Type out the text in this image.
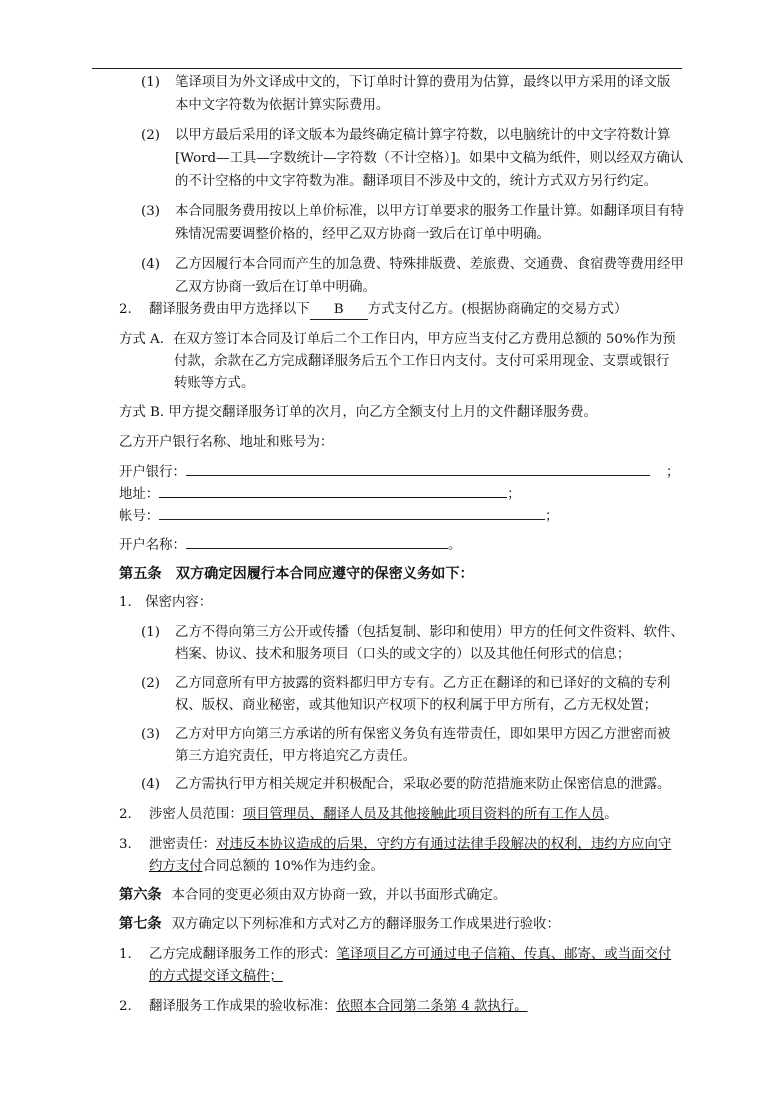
(1) 笔译项目为外文译成中文的，下订单时计算的费用为估算，最终以甲方采用的译文版
本中文字符数为依据计算实际费用。
(2) 以甲方最后采用的译文版本为最终确定稿计算字符数，以电脑统计的中文字符数计算
[Word—工具—字数统计—字符数（不计空格）]。如果中文稿为纸件，则以经双方确认
的不计空格的中文字符数为准。翻译项目不涉及中文的，统计方式双方另行约定。
(3) 本合同服务费用按以上单价标准，以甲方订单要求的服务工作量计算。如翻译项目有特
殊情况需要调整价格的，经甲乙双方协商一致后在订单中明确。
(4) 乙方因履行本合同而产生的加急费、特殊排版费、差旅费、交通费、食宿费等费用经甲
乙双方协商一致后在订单中明确。
2. 翻译服务费由甲方选择以下 B 方式支付乙方。(根据协商确定的交易方式）
方式 A．在双方签订本合同及订单后二个工作日内，甲方应当支付乙方费用总额的 50%作为预
付款，余款在乙方完成翻译服务后五个工作日内支付。支付可采用现金、支票或银行
转账等方式。
方式 B. 甲方提交翻译服务订单的次月，向乙方全额支付上月的文件翻译服务费。
乙方开户银行名称、地址和账号为：
开户银行：	；
地址：	；
帐号：	；
开户名称：	。
第五条　双方确定因履行本合同应遵守的保密义务如下：
1.　保密内容：
(1) 乙方不得向第三方公开或传播（包括复制、影印和使用）甲方的任何文件资料、软件、
档案、协议、技术和服务项目（口头的或文字的）以及其他任何形式的信息；
(2) 乙方同意所有甲方披露的资料都归甲方专有。乙方正在翻译的和已译好的文稿的专利
权、版权、商业秘密，或其他知识产权项下的权利属于甲方所有，乙方无权处置；
(3) 乙方对甲方向第三方承诺的所有保密义务负有连带责任，即如果甲方因乙方泄密而被
第三方追究责任，甲方将追究乙方责任。
(4) 乙方需执行甲方相关规定并积极配合，采取必要的防范措施来防止保密信息的泄露。
2. 涉密人员范围：项目管理员、翻译人员及其他接触此项目资料的所有工作人员。
3. 泄密责任：对违反本协议造成的后果，守约方有通过法律手段解决的权利，违约方应向守
约方支付合同总额的 10%作为违约金。
第六条 本合同的变更必须由双方协商一致，并以书面形式确定。
第七条 双方确定以下列标准和方式对乙方的翻译服务工作成果进行验收：
1. 乙方完成翻译服务工作的形式：笔译项目乙方可通过电子信箱、传真、邮寄、或当面交付
的方式提交译文稿件；
2. 翻译服务工作成果的验收标准：依照本合同第二条第 4 款执行。
